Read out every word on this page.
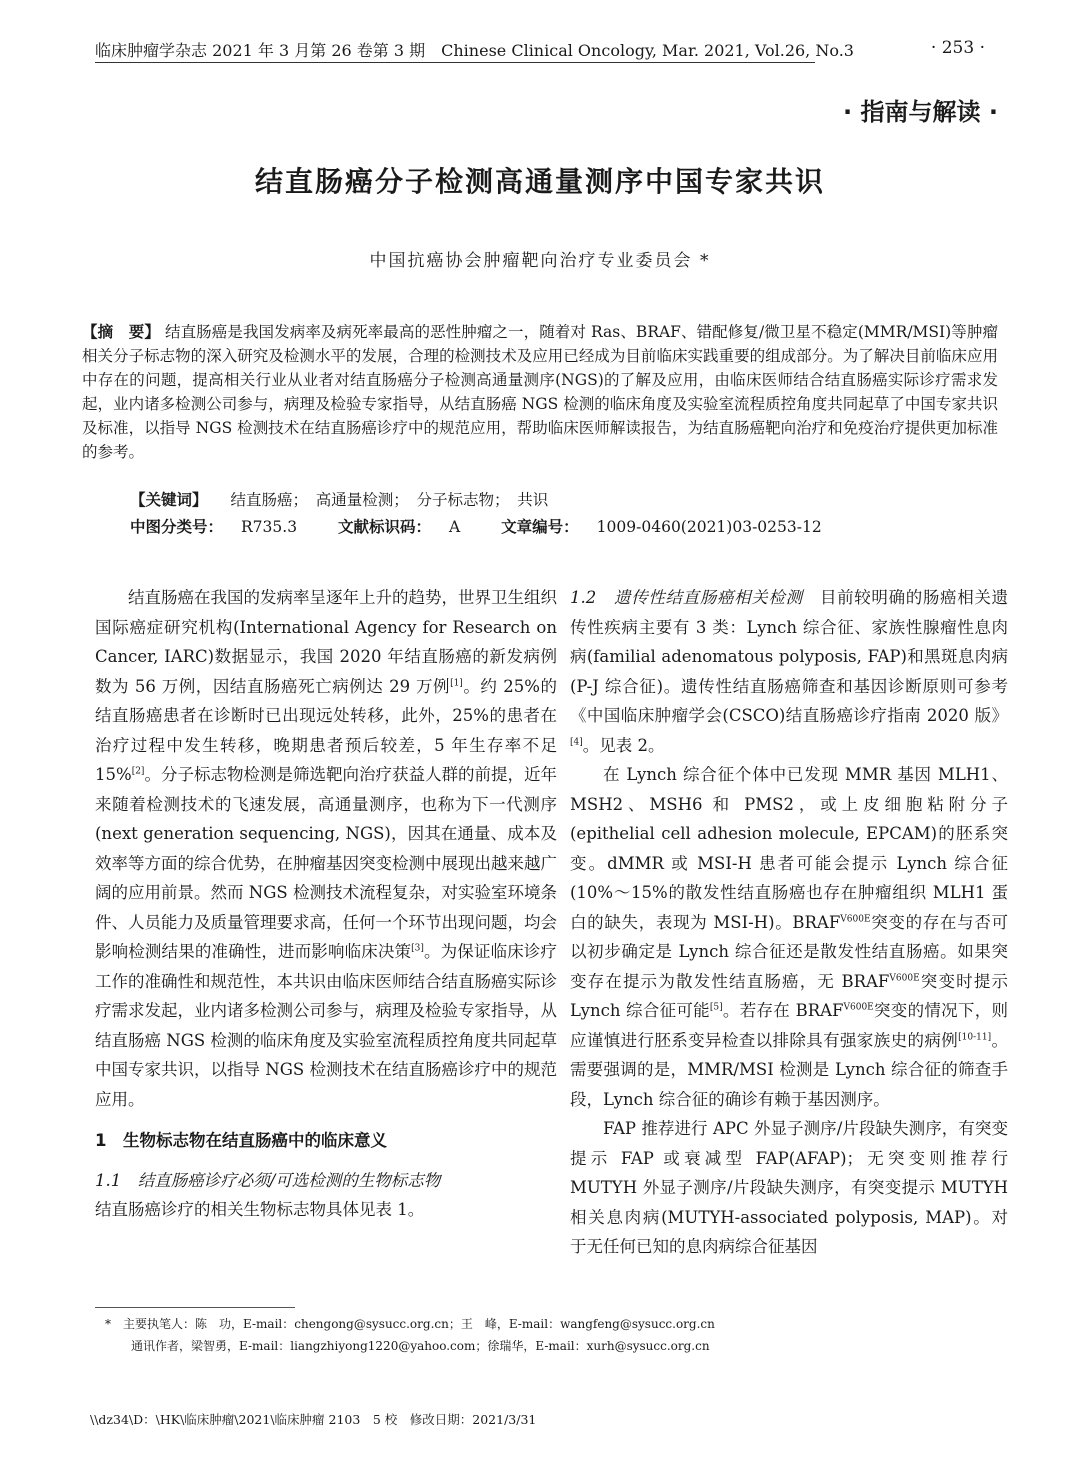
临床肿瘤学杂志 2021 年 3 月第 26 卷第 3 期　Chinese Clinical Oncology, Mar. 2021, Vol.26, No.3	· 253 ·
· 指南与解读 ·
结直肠癌分子检测高通量测序中国专家共识
中国抗癌协会肿瘤靶向治疗专业委员会 *
【摘　要】 结直肠癌是我国发病率及病死率最高的恶性肿瘤之一，随着对 Ras、BRAF、错配修复/微卫星不稳定(MMR/MSI)等肿瘤相关分子标志物的深入研究及检测水平的发展，合理的检测技术及应用已经成为目前临床实践重要的组成部分。为了解决目前临床应用中存在的问题，提高相关行业从业者对结直肠癌分子检测高通量测序(NGS)的了解及应用，由临床医师结合结直肠癌实际诊疗需求发起，业内诸多检测公司参与，病理及检验专家指导，从结直肠癌 NGS 检测的临床角度及实验室流程质控角度共同起草了中国专家共识及标准，以指导 NGS 检测技术在结直肠癌诊疗中的规范应用，帮助临床医师解读报告，为结直肠癌靶向治疗和免疫治疗提供更加标准的参考。
【关键词】 结直肠癌；　高通量检测；　分子标志物；　共识
中图分类号： R735.3	文献标识码： A	文章编号： 1009-0460(2021)03-0253-12

结直肠癌在我国的发病率呈逐年上升的趋势，世界卫生组织国际癌症研究机构(International Agency for Research on Cancer, IARC)数据显示，我国 2020 年结直肠癌的新发病例数为 56 万例，因结直肠癌死亡病例达 29 万例[1]。约 25%的结直肠癌患者在诊断时已出现远处转移，此外，25%的患者在治疗过程中发生转移，晚期患者预后较差，5 年生存率不足 15%[2]。分子标志物检测是筛选靶向治疗获益人群的前提，近年来随着检测技术的飞速发展，高通量测序，也称为下一代测序(next generation sequencing, NGS)，因其在通量、成本及效率等方面的综合优势，在肿瘤基因突变检测中展现出越来越广阔的应用前景。然而 NGS 检测技术流程复杂，对实验室环境条件、人员能力及质量管理要求高，任何一个环节出现问题，均会影响检测结果的准确性，进而影响临床决策[3]。为保证临床诊疗工作的准确性和规范性，本共识由临床医师结合结直肠癌实际诊疗需求发起，业内诸多检测公司参与，病理及检验专家指导，从结直肠癌 NGS 检测的临床角度及实验室流程质控角度共同起草中国专家共识，以指导 NGS 检测技术在结直肠癌诊疗中的规范应用。

1　生物标志物在结直肠癌中的临床意义

1.1　结直肠癌诊疗必须/可选检测的生物标志物

结直肠癌诊疗的相关生物标志物具体见表 1。

1.2　遗传性结直肠癌相关检测　 目前较明确的肠癌相关遗传性疾病主要有 3 类：Lynch 综合征、家族性腺瘤性息肉病(familial adenomatous polyposis, FAP)和黑斑息肉病(P-J 综合征)。遗传性结直肠癌筛查和基因诊断原则可参考《中国临床肿瘤学会(CSCO)结直肠癌诊疗指南 2020 版》[4]。见表 2。

在 Lynch 综合征个体中已发现 MMR 基因 MLH1、MSH2、MSH6 和 PMS2，或上皮细胞粘附分子(epithelial cell adhesion molecule, EPCAM)的胚系突变。dMMR 或 MSI-H 患者可能会提示 Lynch 综合征(10%～15%的散发性结直肠癌也存在肿瘤组织 MLH1 蛋白的缺失，表现为 MSI-H)。$BRAF^{V600E}$突变的存在与否可以初步确定是 Lynch 综合征还是散发性结直肠癌。如果突变存在提示为散发性结直肠癌，无 $BRAF^{V600E}$突变时提示 Lynch 综合征可能[5]。若存在 $BRAF^{V600E}$突变的情况下，则应谨慎进行胚系变异检查以排除具有强家族史的病例[10-11]。需要强调的是，MMR/MSI 检测是 Lynch 综合征的筛查手段，Lynch 综合征的确诊有赖于基因测序。

FAP 推荐进行 APC 外显子测序/片段缺失测序，有突变提示 FAP 或衰减型 FAP(AFAP)；无突变则推荐行 MUTYH 外显子测序/片段缺失测序，有突变提示 MUTYH 相关息肉病(MUTYH-associated polyposis, MAP)。对于无任何已知的息肉病综合征基因

*　主要执笔人：陈　功，E-mail：chengong@sysucc.org.cn；王　峰，E-mail：wangfeng@sysucc.org.cn
通讯作者，梁智勇，E-mail：liangzhiyong1220@yahoo.com；徐瑞华，E-mail：xurh@sysucc.org.cn
\\dz34\D：\HK\临床肿瘤\2021\临床肿瘤 2103　5 校　修改日期：2021/3/31
